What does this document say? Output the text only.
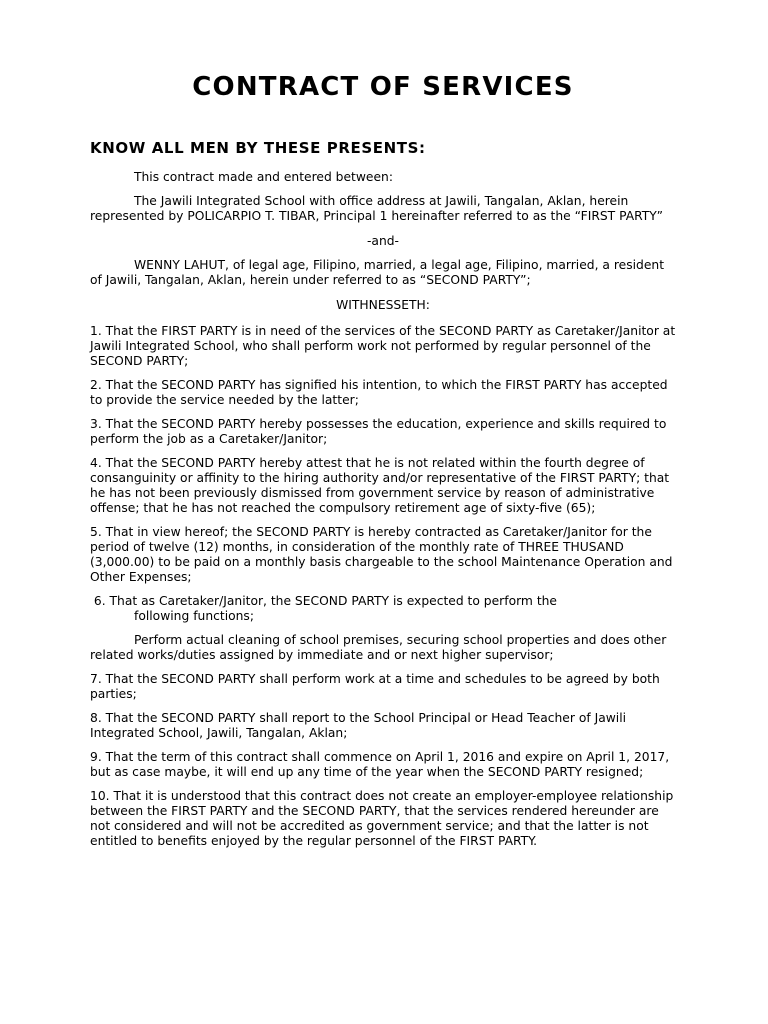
CONTRACT OF SERVICES
KNOW ALL MEN BY THESE PRESENTS:

This contract made and entered between:

The Jawili Integrated School with office address at Jawili, Tangalan, Aklan, herein represented by POLICARPIO T. TIBAR, Principal 1 hereinafter referred to as the “FIRST PARTY”

-and-

WENNY LAHUT, of legal age, Filipino, married, a legal age, Filipino, married, a resident of Jawili, Tangalan, Aklan, herein under referred to as “SECOND PARTY”;

WITHNESSETH:

1. That the FIRST PARTY is in need of the services of the SECOND PARTY as Caretaker/Janitor at Jawili Integrated School, who shall perform work not performed by regular personnel of the SECOND PARTY;

2. That the SECOND PARTY has signified his intention, to which the FIRST PARTY has accepted to provide the service needed by the latter;

3. That the SECOND PARTY hereby possesses the education, experience and skills required to perform the job as a Caretaker/Janitor;

4. That the SECOND PARTY hereby attest that he is not related within the fourth degree of consanguinity or affinity to the hiring authority and/or representative of the FIRST PARTY; that he has not been previously dismissed from government service by reason of administrative offense; that he has not reached the compulsory retirement age of sixty-five (65);

5. That in view hereof; the SECOND PARTY is hereby contracted as Caretaker/Janitor for the period of twelve (12) months, in consideration of the monthly rate of THREE THUSAND (3,000.00) to be paid on a monthly basis chargeable to the school Maintenance Operation and Other Expenses;

6. That as Caretaker/Janitor, the SECOND PARTY is expected to perform the

following functions;

Perform actual cleaning of school premises, securing school properties and does other related works/duties assigned by immediate and or next higher supervisor;

7. That the SECOND PARTY shall perform work at a time and schedules to be agreed by both parties;

8. That the SECOND PARTY shall report to the School Principal or Head Teacher of Jawili Integrated School, Jawili, Tangalan, Aklan;

9. That the term of this contract shall commence on April 1, 2016 and expire on April 1, 2017, but as case maybe, it will end up any time of the year when the SECOND PARTY resigned;

10. That it is understood that this contract does not create an employer-employee relationship between the FIRST PARTY and the SECOND PARTY, that the services rendered hereunder are not considered and will not be accredited as government service; and that the latter is not entitled to benefits enjoyed by the regular personnel of the FIRST PARTY.
